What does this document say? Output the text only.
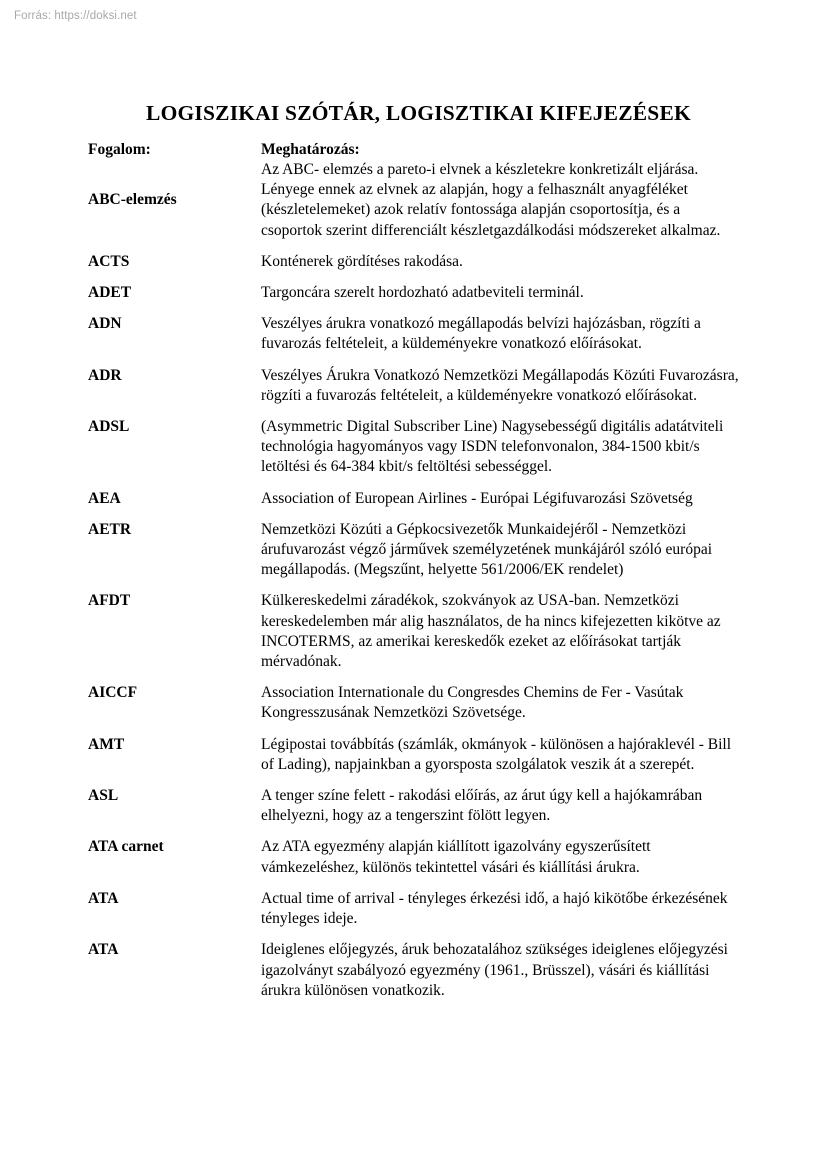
Forrás: https://doksi.net
LOGISZIKAI SZÓTÁR, LOGISZTIKAI KIFEJEZÉSEK
Fogalom:	Meghatározás:
ABC-elemzés	Az ABC- elemzés a pareto-i elvnek a készletekre konkretizált eljárása. Lényege ennek az elvnek az alapján, hogy a felhasznált anyagféléket (készletelemeket) azok relatív fontossága alapján csoportosítja, és a csoportok szerint differenciált készletgazdálkodási módszereket alkalmaz.
ACTS	Konténerek gördítéses rakodása.
ADET	Targoncára szerelt hordozható adatbeviteli terminál.
ADN	Veszélyes árukra vonatkozó megállapodás belvízi hajózásban, rögzíti a fuvarozás feltételeit, a küldeményekre vonatkozó előírásokat.
ADR	Veszélyes Árukra Vonatkozó Nemzetközi Megállapodás Közúti Fuvarozásra, rögzíti a fuvarozás feltételeit, a küldeményekre vonatkozó előírásokat.
ADSL	(Asymmetric Digital Subscriber Line) Nagysebességű digitális adatátviteli technológia hagyományos vagy ISDN telefonvonalon, 384-1500 kbit/s letöltési és 64-384 kbit/s feltöltési sebességgel.
AEA	Association of European Airlines - Európai Légifuvarozási Szövetség
AETR	Nemzetközi Közúti a Gépkocsivezetők Munkaidejéről - Nemzetközi árufuvarozást végző járművek személyzetének munkájáról szóló európai megállapodás. (Megszűnt, helyette 561/2006/EK rendelet)
AFDT	Külkereskedelmi záradékok, szokványok az USA-ban. Nemzetközi kereskedelemben már alig használatos, de ha nincs kifejezetten kikötve az INCOTERMS, az amerikai kereskedők ezeket az előírásokat tartják mérvadónak.
AICCF	Association Internationale du Congresdes Chemins de Fer - Vasútak Kongresszusának Nemzetközi Szövetsége.
AMT	Légipostai továbbítás (számlák, okmányok - különösen a hajóraklevél - Bill of Lading), napjainkban a gyorsposta szolgálatok veszik át a szerepét.
ASL	A tenger színe felett - rakodási előírás, az árut úgy kell a hajókamrában elhelyezni, hogy az a tengerszint fölött legyen.
ATA carnet	Az ATA egyezmény alapján kiállított igazolvány egyszerűsített vámkezeléshez, különös tekintettel vásári és kiállítási árukra.
ATA	Actual time of arrival - tényleges érkezési idő, a hajó kikötőbe érkezésének tényleges ideje.
ATA	Ideiglenes előjegyzés, áruk behozatalához szükséges ideiglenes előjegyzési igazolványt szabályozó egyezmény (1961., Brüsszel), vásári és kiállítási árukra különösen vonatkozik.
